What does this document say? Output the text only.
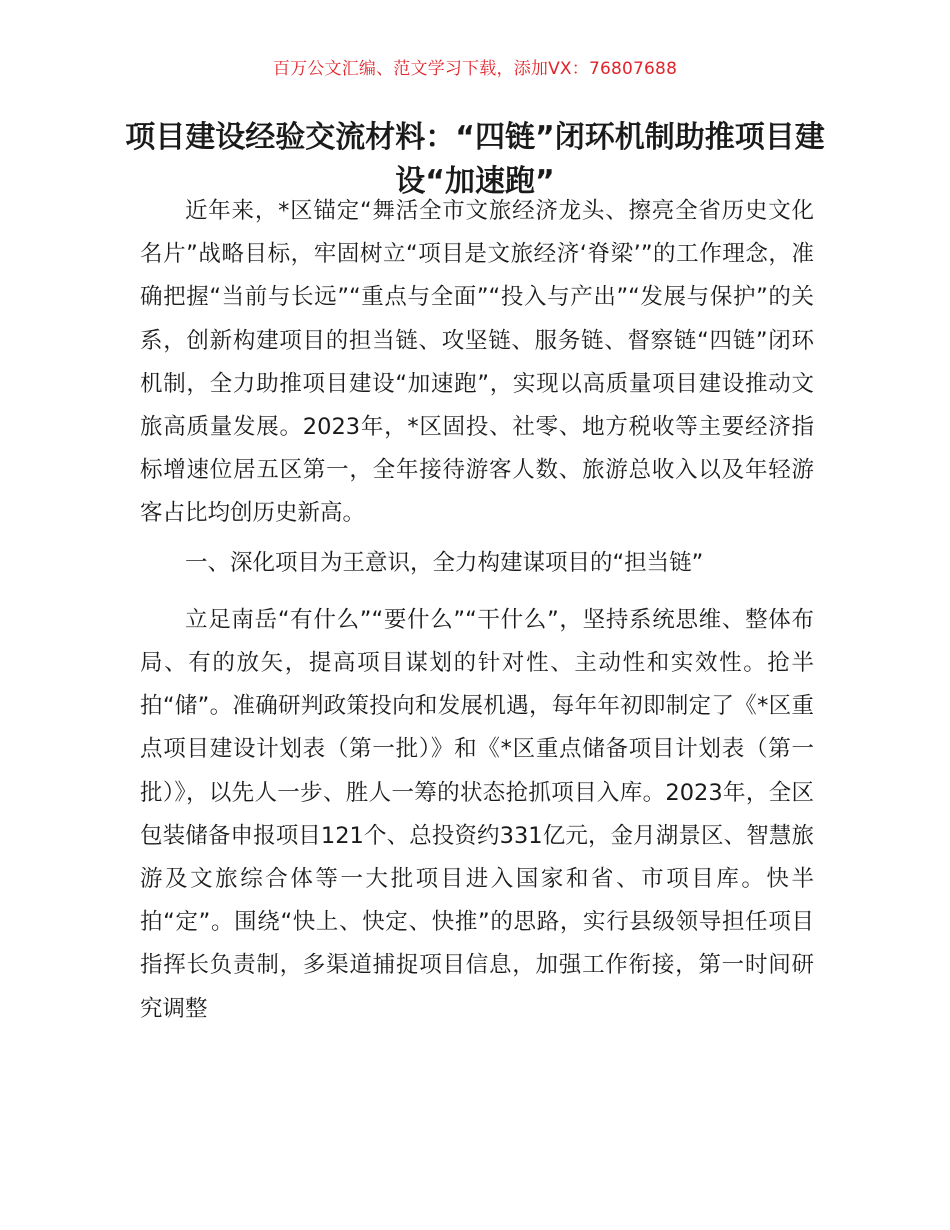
百万公文汇编、范文学习下载，添加VX：76807688
项目建设经验交流材料：“四链”闭环机制助推项目建设“加速跑”

近年来，*区锚定“舞活全市文旅经济龙头、擦亮全省历史文化名片”战略目标，牢固树立“项目是文旅经济‘脊梁’”的工作理念，准确把握“当前与长远”“重点与全面”“投入与产出”“发展与保护”的关系，创新构建项目的担当链、攻坚链、服务链、督察链“四链”闭环机制，全力助推项目建设“加速跑”，实现以高质量项目建设推动文旅高质量发展。2023年，*区固投、社零、地方税收等主要经济指标增速位居五区第一，全年接待游客人数、旅游总收入以及年轻游客占比均创历史新高。

一、深化项目为王意识，全力构建谋项目的“担当链”

立足南岳“有什么”“要什么”“干什么”，坚持系统思维、整体布局、有的放矢，提高项目谋划的针对性、主动性和实效性。抢半拍“储”。准确研判政策投向和发展机遇，每年年初即制定了《*区重点项目建设计划表（第一批）》和《*区重点储备项目计划表（第一批）》，以先人一步、胜人一筹的状态抢抓项目入库。2023年，全区包装储备申报项目121个、总投资约331亿元，金月湖景区、智慧旅游及文旅综合体等一大批项目进入国家和省、市项目库。快半拍“定”。围绕“快上、快定、快推”的思路，实行县级领导担任项目指挥长负责制，多渠道捕捉项目信息，加强工作衔接，第一时间研究调整
